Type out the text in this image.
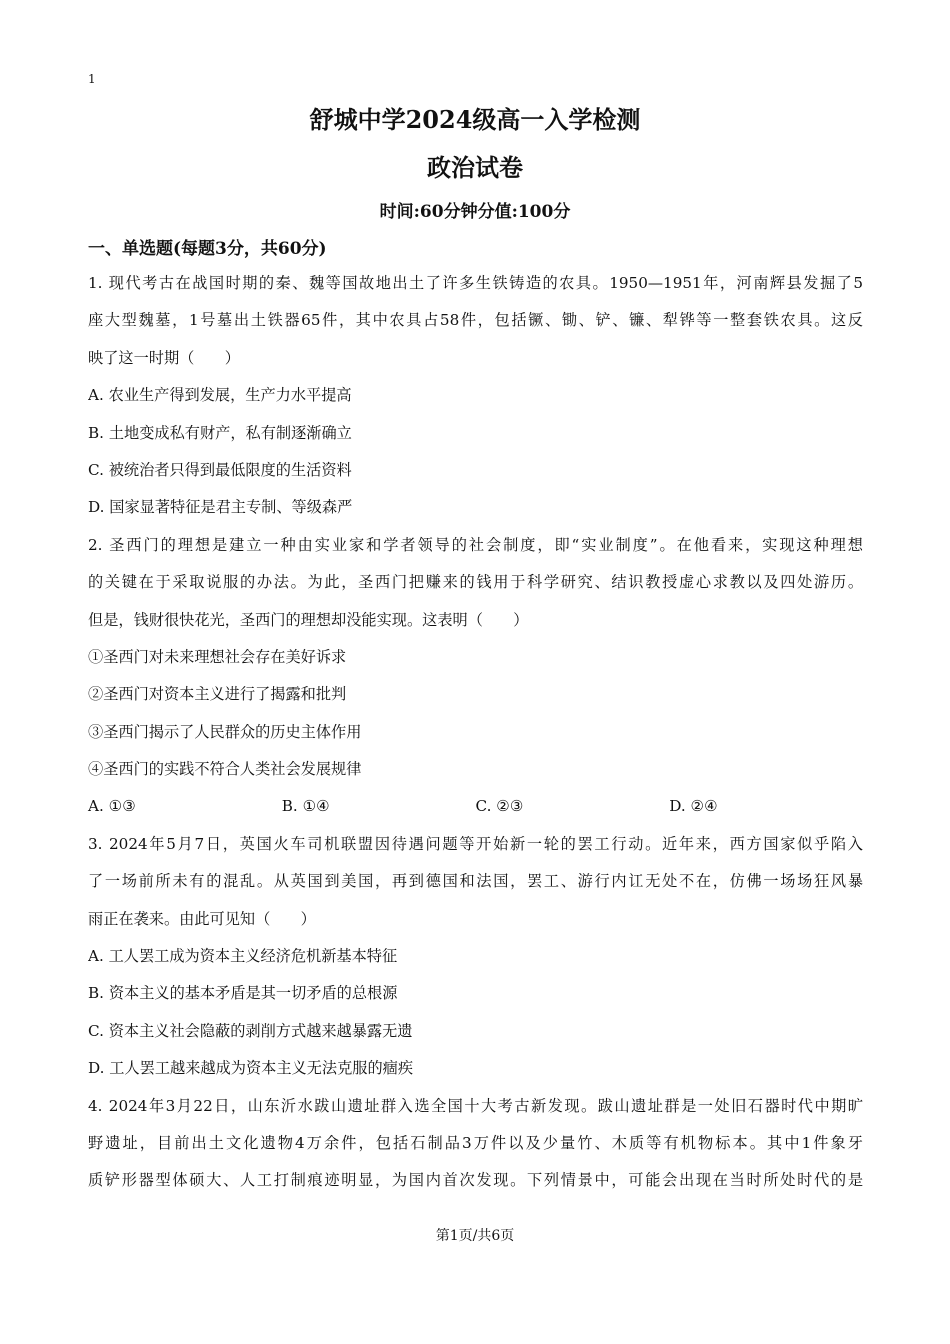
1
舒城中学2024级高一入学检测
政治试卷
时间:60分钟分值:100分
一、单选题(每题3分，共60分)
1. 现代考古在战国时期的秦、魏等国故地出土了许多生铁铸造的农具。1950—1951年，河南辉县发掘了5
座大型魏墓，1号墓出土铁器65件，其中农具占58件，包括镢、锄、铲、镰、犁铧等一整套铁农具。这反
映了这一时期（　　）
A. 农业生产得到发展，生产力水平提高
B. 土地变成私有财产，私有制逐渐确立
C. 被统治者只得到最低限度的生活资料
D. 国家显著特征是君主专制、等级森严
2. 圣西门的理想是建立一种由实业家和学者领导的社会制度，即“实业制度”。在他看来，实现这种理想
的关键在于采取说服的办法。为此，圣西门把赚来的钱用于科学研究、结识教授虚心求教以及四处游历。
但是，钱财很快花光，圣西门的理想却没能实现。这表明（　　）
①圣西门对未来理想社会存在美好诉求
②圣西门对资本主义进行了揭露和批判
③圣西门揭示了人民群众的历史主体作用
④圣西门的实践不符合人类社会发展规律
A. ①③	B. ①④	C. ②③	D. ②④
3. 2024年5月7日，英国火车司机联盟因待遇问题等开始新一轮的罢工行动。近年来，西方国家似乎陷入
了一场前所未有的混乱。从英国到美国，再到德国和法国，罢工、游行内讧无处不在，仿佛一场场狂风暴
雨正在袭来。由此可见知（　　）
A. 工人罢工成为资本主义经济危机新基本特征
B. 资本主义的基本矛盾是其一切矛盾的总根源
C. 资本主义社会隐蔽的剥削方式越来越暴露无遗
D. 工人罢工越来越成为资本主义无法克服的痼疾
4. 2024年3月22日，山东沂水跋山遗址群入选全国十大考古新发现。跋山遗址群是一处旧石器时代中期旷
野遗址，目前出土文化遗物4万余件，包括石制品3万件以及少量竹、木质等有机物标本。其中1件象牙
质铲形器型体硕大、人工打制痕迹明显，为国内首次发现。下列情景中，可能会出现在当时所处时代的是
第1页/共6页
